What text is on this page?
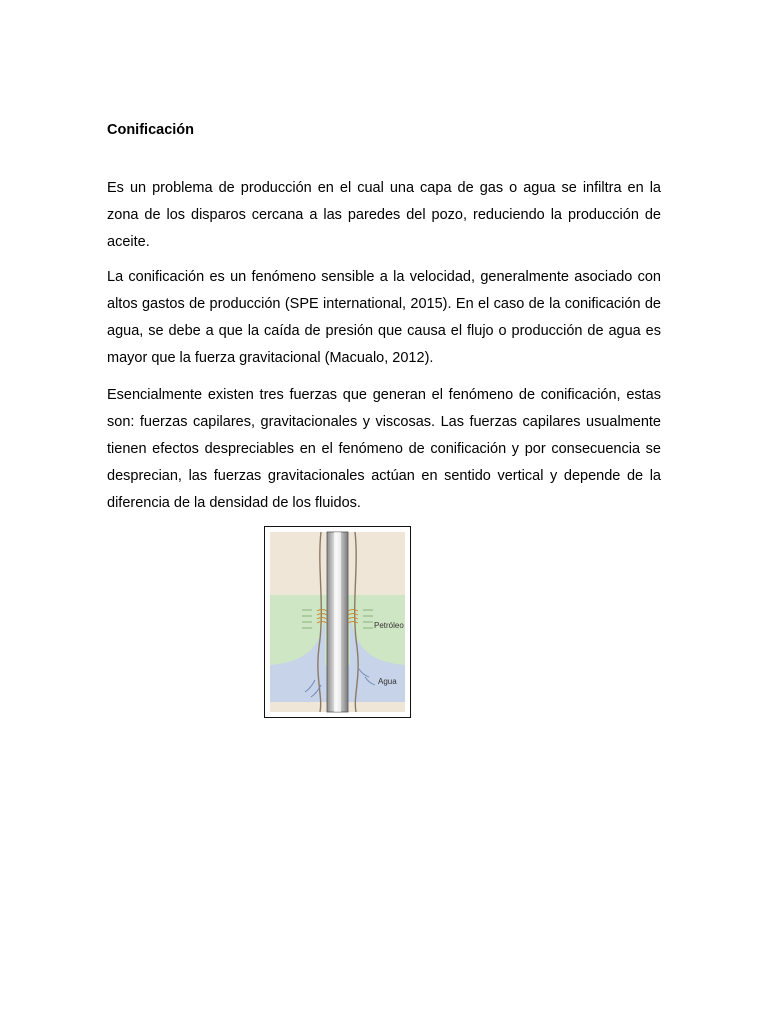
Conificación

Es un problema de producción en el cual una capa de gas o agua se infiltra en la zona de los disparos cercana a las paredes del pozo, reduciendo la producción de aceite.

La conificación es un fenómeno sensible a la velocidad, generalmente asociado con altos gastos de producción (SPE international, 2015). En el caso de la conificación de agua, se debe a que la caída de presión que causa el flujo o producción de agua es mayor que la fuerza gravitacional (Macualo, 2012).

Esencialmente existen tres fuerzas que generan el fenómeno de conificación, estas son: fuerzas capilares, gravitacionales y viscosas. Las fuerzas capilares usualmente tienen efectos despreciables en el fenómeno de conificación y por consecuencia se desprecian, las fuerzas gravitacionales actúan en sentido vertical y depende de la diferencia de la densidad de los fluidos.

Petróleo
Agua
